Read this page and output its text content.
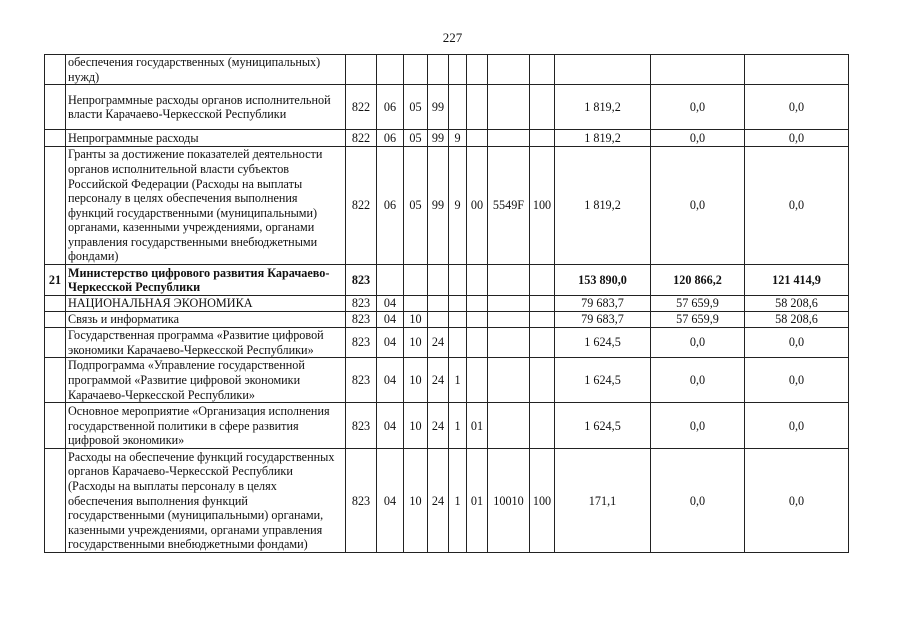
227
	обеспечения государственных (муниципальных) нужд)											
	Непрограммные расходы органов исполнительной власти Карачаево-Черкесской Республики	822	06	05	99					1 819,2	0,0	0,0
	Непрограммные расходы	822	06	05	99	9				1 819,2	0,0	0,0
	Гранты за достижение показателей деятельности органов исполнительной власти субъектов Российской Федерации (Расходы на выплаты персоналу в целях обеспечения выполнения функций государственными (муниципальными) органами, казенными учреждениями, органами управления государственными внебюджетными фондами)	822	06	05	99	9	00	5549F	100	1 819,2	0,0	0,0
21	Министерство цифрового развития Карачаево-Черкесской Республики	823								153 890,0	120 866,2	121 414,9
	НАЦИОНАЛЬНАЯ ЭКОНОМИКА	823	04							79 683,7	57 659,9	58 208,6
	Связь и информатика	823	04	10						79 683,7	57 659,9	58 208,6
	Государственная программа «Развитие цифровой экономики Карачаево-Черкесской Республики»	823	04	10	24					1 624,5	0,0	0,0
	Подпрограмма «Управление государственной программой «Развитие цифровой экономики Карачаево-Черкесской Республики»	823	04	10	24	1				1 624,5	0,0	0,0
	Основное мероприятие «Организация исполнения государственной политики в сфере развития цифровой экономики»	823	04	10	24	1	01			1 624,5	0,0	0,0
	Расходы на обеспечение функций государственных органов Карачаево-Черкесской Республики (Расходы на выплаты персоналу в целях обеспечения выполнения функций государственными (муниципальными) органами, казенными учреждениями, органами управления государственными внебюджетными фондами)	823	04	10	24	1	01	10010	100	171,1	0,0	0,0
